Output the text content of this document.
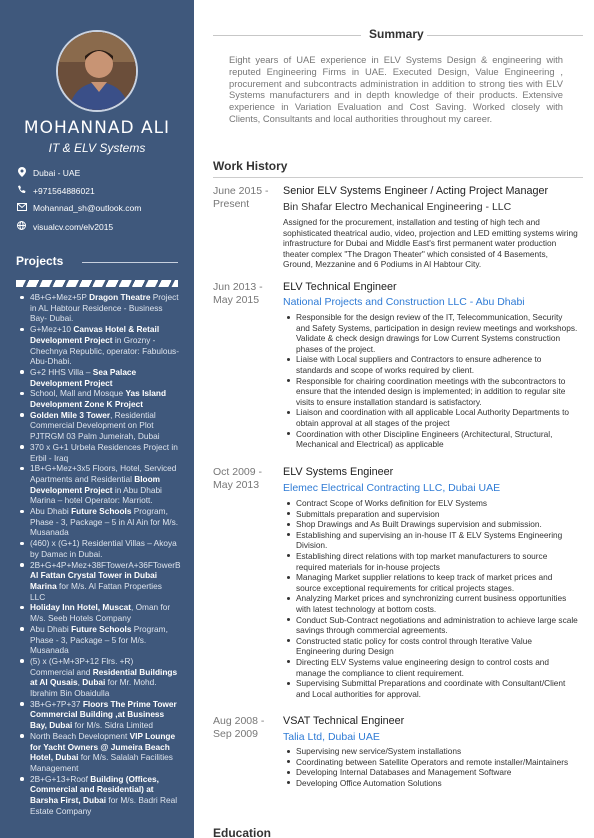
MOHANNAD ALI
IT & ELV Systems
Dubai - UAE
+971564886021
Mohannad_sh@outlook.com
visualcv.com/elv2015
Projects
4B+G+Mez+5P Dragon Theatre Project in AL Habtour Residence - Business Bay- Dubai.
G+Mez+10 Canvas Hotel & Retail Development Project in Grozny - Chechnya Republic, operator: Fabulous-Abu-Dhabi.
G+2 HHS Villa – Sea Palace Development Project
School, Mall and Mosque Yas Island Development Zone K Project
Golden Mile 3 Tower, Residential Commercial Development on Plot PJTRGM 03 Palm Jumeirah, Dubai
370 x G+1 Urbela Residences Project in Erbil - Iraq
1B+G+Mez+3x5 Floors, Hotel, Serviced Apartments and Residential Bloom Development Project in Abu Dhabi Marina – hotel Operator: Marriott.
Abu Dhabi Future Schools Program, Phase - 3, Package – 5 in Al Ain for M/s. Musanada
(460) x (G+1) Residential Villas – Akoya by Damac in Dubai.
2B+G+4P+Mez+38FTowerA+36FTowerB Al Fattan Crystal Tower in Dubai Marina for M/s. Al Fattan Properties LLC
Holiday Inn Hotel, Muscat, Oman for M/s. Seeb Hotels Company
Abu Dhabi Future Schools Program, Phase - 3, Package – 5 for M/s. Musanada
(5) x (G+M+3P+12 Flrs. +R) Commercial and Residential Buildings at Al Qusais, Dubai for Mr. Mohd. Ibrahim Bin Obaidulla
3B+G+7P+37 Floors The Prime Tower Commercial Building ,at Business Bay, Dubai for M/s. Sidra Limited
North Beach Development VIP Lounge for Yacht Owners @ Jumeira Beach Hotel, Dubai for M/s. Salalah Facilities Management
2B+G+13+Roof Building (Offices, Commercial and Residential) at Barsha First, Dubai for M/s. Badri Real Estate Company
Summary
Eight years of UAE experience in ELV Systems Design & engineering with reputed Engineering Firms in UAE. Executed Design, Value Engineering , procurement and subcontracts administration in addition to strong ties with ELV Systems manufacturers and in depth knowledge of their products. Extensive experience in Variation Evaluation and Cost Saving. Worked closely with Clients, Consultants and local authorities throughout my career.
Work History
June 2015 - Present
Senior ELV Systems Engineer / Acting Project Manager
Bin Shafar Electro Mechanical Engineering - LLC
Assigned for the procurement, installation and testing of high tech and sophisticated theatrical audio, video, projection and LED emitting systems wiring infrastructure for Dubai and Middle East's first permanent water production theater complex "The Dragon Theater" which consisted of 4 Basements, Ground, Mezzanine and 6 Podiums in Al Habtour City.
Jun 2013 - May 2015
ELV Technical Engineer
National Projects and Construction LLC - Abu Dhabi
Responsible for the design review of the IT, Telecommunication, Security and Safety Systems, participation in design review meetings and workshops. Validate & check design drawings for Low Current Systems construction phases of the project.
Liaise with Local suppliers and Contractors to ensure adherence to standards and scope of works required by client.
Responsible for chairing coordination meetings with the subcontractors to ensure that the intended design is implemented; in addition to regular site visits to ensure installation standard is satisfactory.
Liaison and coordination with all applicable Local Authority Departments to obtain approval at all stages of the project
Coordination with other Discipline Engineers (Architectural, Structural, Mechanical and Electrical) as applicable
Oct 2009 - May 2013
ELV Systems Engineer
Elemec Electrical Contracting LLC, Dubai UAE
Contract Scope of Works definition for ELV Systems
Submittals preparation and supervision
Shop Drawings and As Built Drawings supervision and submission.
Establishing and supervising an in-house IT & ELV Systems Engineering Division.
Establishing direct relations with top market manufacturers to source required materials for in-house projects
Managing Market supplier relations to keep track of market prices and source exceptional requirements for critical projects stages.
Analyzing Market prices and synchronizing current business opportunities with latest technology at bottom costs.
Conduct Sub-Contract negotiations and administration to achieve large scale savings through commercial agreements.
Constructed static policy for costs control through Iterative Value Engineering during Design
Directing ELV Systems value engineering design to control costs and manage the compliance to client requirement.
Supervising Submittal Preparations and coordinate with Consultant/Client and Local authorities for approval.
Aug 2008 - Sep 2009
VSAT Technical Engineer
Talia Ltd, Dubai UAE
Supervising new service/System installations
Coordinating between Satellite Operators and remote installer/Maintainers
Developing Internal Databases and Management Software
Developing Office Automation Solutions
Education
